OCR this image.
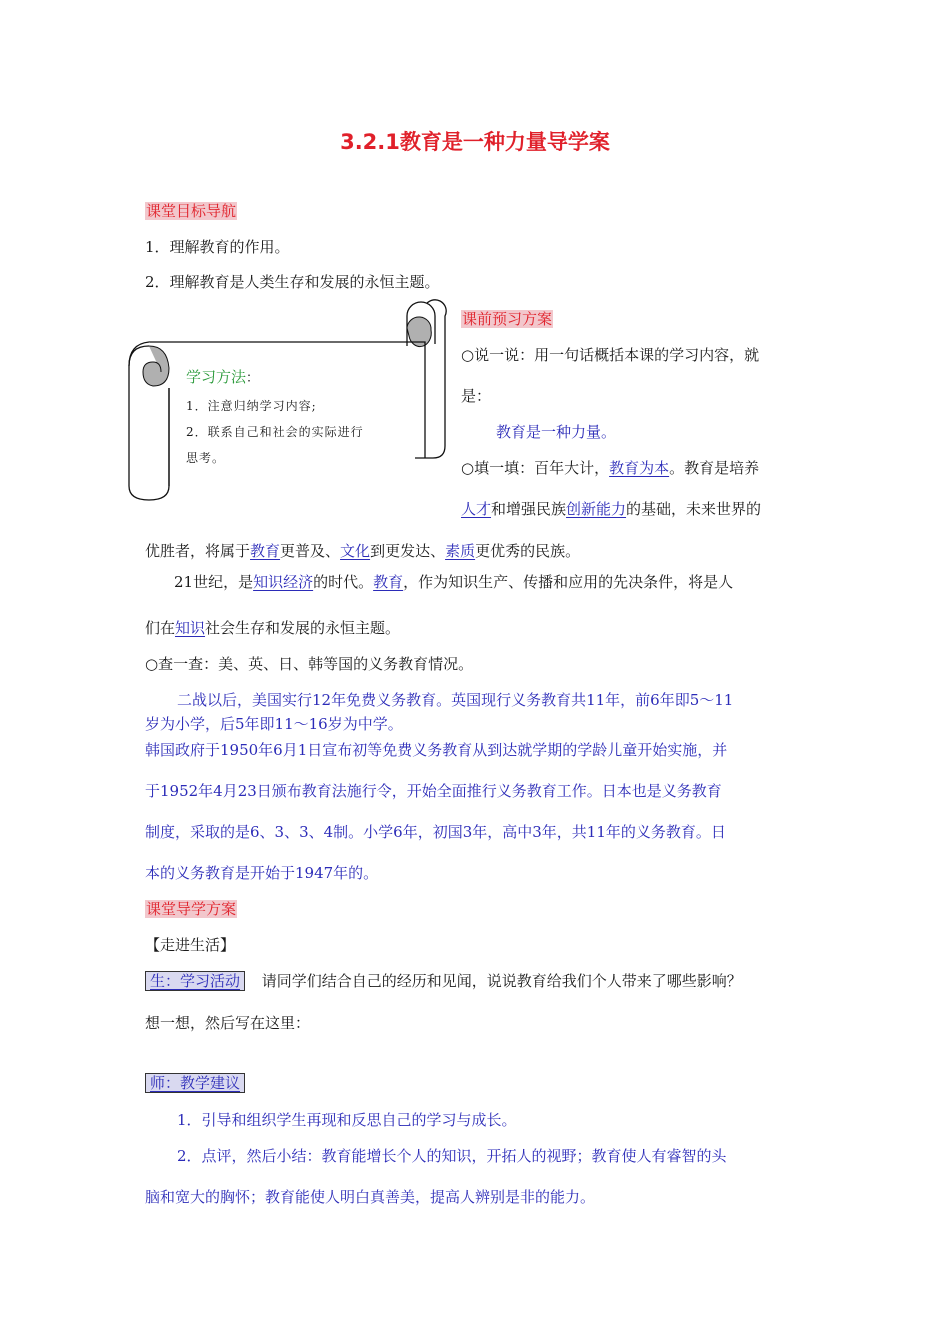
3.2.1教育是一种力量导学案
课堂目标导航
1．理解教育的作用。
2．理解教育是人类生存和发展的永恒主题。
学习方法：
1．注意归纳学习内容;
2．联系自己和社会的实际进行
思考。
课前预习方案
○说一说：用一句话概括本课的学习内容，就
是：
教育是一种力量。
○填一填：百年大计，教育为本。教育是培养
人才和增强民族创新能力的基础，未来世界的
优胜者，将属于教育更普及、文化到更发达、素质更优秀的民族。
21世纪，是知识经济的时代。教育，作为知识生产、传播和应用的先决条件，将是人
们在知识社会生存和发展的永恒主题。
○查一查：美、英、日、韩等国的义务教育情况。
二战以后，美国实行12年免费义务教育。英国现行义务教育共11年，前6年即5～11
岁为小学，后5年即11～16岁为中学。
韩国政府于1950年6月1日宣布初等免费义务教育从到达就学期的学龄儿童开始实施，并
于1952年4月23日颁布教育法施行令，开始全面推行义务教育工作。日本也是义务教育
制度，采取的是6、3、3、4制。小学6年，初国3年，高中3年，共11年的义务教育。日
本的义务教育是开始于1947年的。
课堂导学方案
【走进生活】
生：学习活动 请同学们结合自己的经历和见闻，说说教育给我们个人带来了哪些影响？
想一想，然后写在这里：
师：教学建议
1．引导和组织学生再现和反思自己的学习与成长。
2．点评，然后小结：教育能增长个人的知识，开拓人的视野；教育使人有睿智的头
脑和宽大的胸怀；教育能使人明白真善美，提高人辨别是非的能力。
